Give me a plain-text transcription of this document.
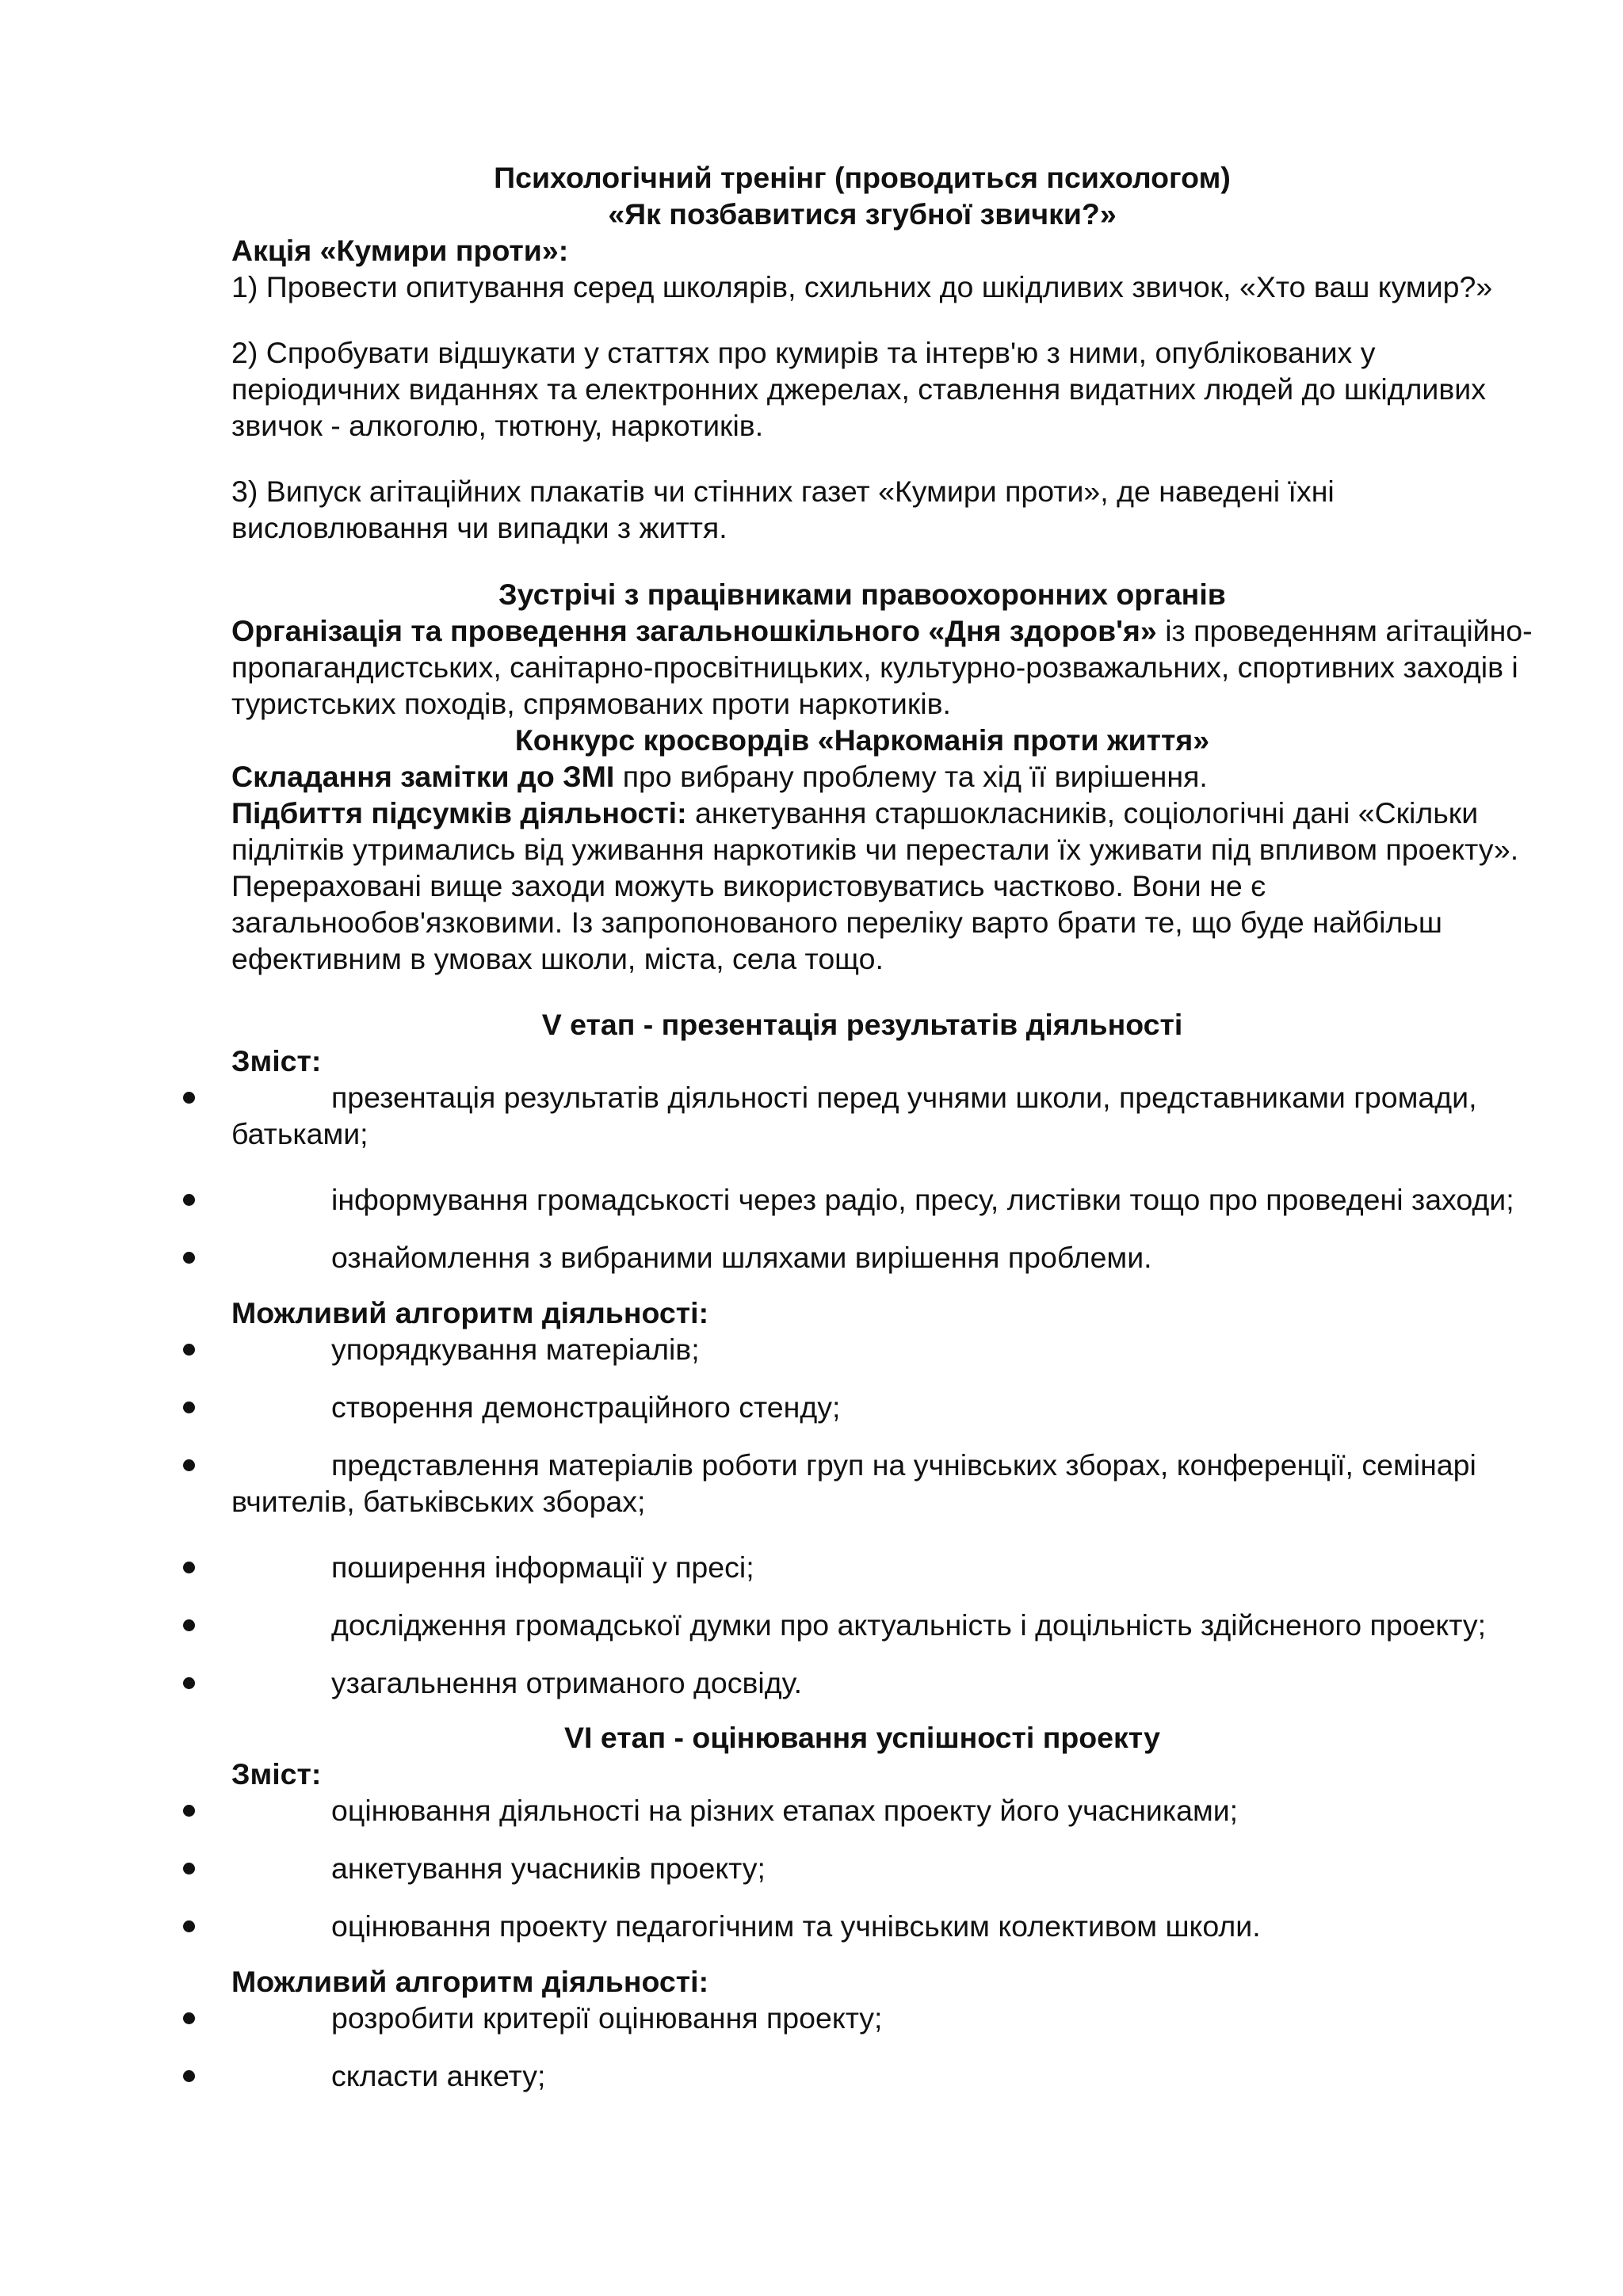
Психологічний тренінг (проводиться психологом)

«Як позбавитися згубної звички?»

Акція «Кумири проти»:

1) Провести опитування серед школярів, схильних до шкідливих звичок, «Хто ваш кумир?»

2) Спробувати відшукати у статтях про кумирів та інтерв'ю з ними, опублікованих у

періодичних виданнях та електронних джерелах, ставлення видатних людей до шкідливих

звичок - алкоголю, тютюну, наркотиків.

3) Випуск агітаційних плакатів чи стінних газет «Кумири проти», де наведені їхні

висловлювання чи випадки з життя.

Зустрічі з працівниками правоохоронних органів

Організація та проведення загальношкільного «Дня здоров'я» із проведенням агітаційно-

пропагандистських, санітарно-просвітницьких, культурно-розважальних, спортивних заходів і

туристських походів, спрямованих проти наркотиків.

Конкурс кросвордів «Наркоманія проти життя»

Складання замітки до ЗМІ про вибрану проблему та хід її вирішення.

Підбиття підсумків діяльності: анкетування старшокласників, соціологічні дані «Скільки

підлітків утримались від уживання наркотиків чи перестали їх уживати під впливом проекту».

Перераховані вище заходи можуть використовуватись частково. Вони не є

загальнообов'язковими. Із запропонованого переліку варто брати те, що буде найбільш

ефективним в умовах школи, міста, села тощо.

V етап - презентація результатів діяльності

Зміст:

презентація результатів діяльності перед учнями школи, представниками громади,

батьками;

інформування громадськості через радіо, пресу, листівки тощо про проведені заходи;

ознайомлення з вибраними шляхами вирішення проблеми.

Можливий алгоритм діяльності:

упорядкування матеріалів;

створення демонстраційного стенду;

представлення матеріалів роботи груп на учнівських зборах, конференції, семінарі

вчителів, батьківських зборах;

поширення інформації у пресі;

дослідження громадської думки про актуальність і доцільність здійсненого проекту;

узагальнення отриманого досвіду.

VI етап - оцінювання успішності проекту

Зміст:

оцінювання діяльності на різних етапах проекту його учасниками;

анкетування учасників проекту;

оцінювання проекту педагогічним та учнівським колективом школи.

Можливий алгоритм діяльності:

розробити критерії оцінювання проекту;

скласти анкету;
